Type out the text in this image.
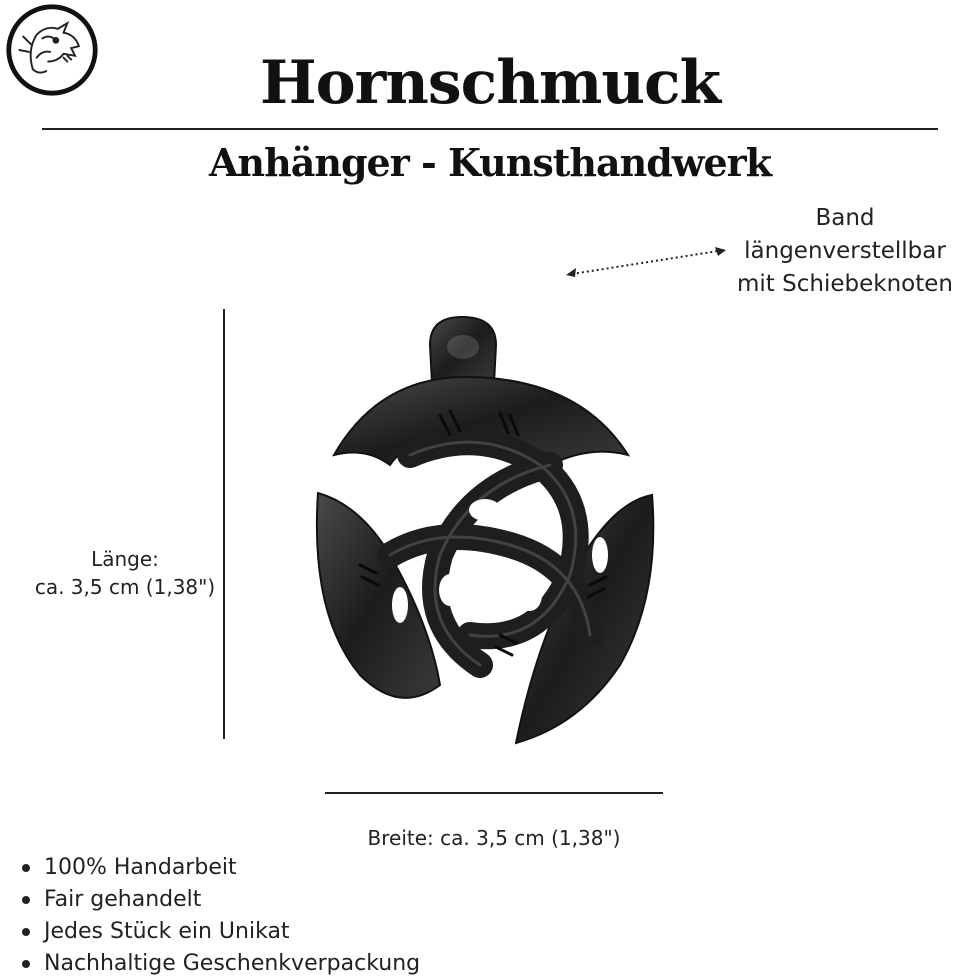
Hornschmuck
Anhänger - Kunsthandwerk
Band
längenverstellbar
mit Schiebeknoten
Länge:
ca. 3,5 cm (1,38")
Breite: ca. 3,5 cm (1,38")
100% Handarbeit
Fair gehandelt
Jedes Stück ein Unikat
Nachhaltige Geschenkverpackung
